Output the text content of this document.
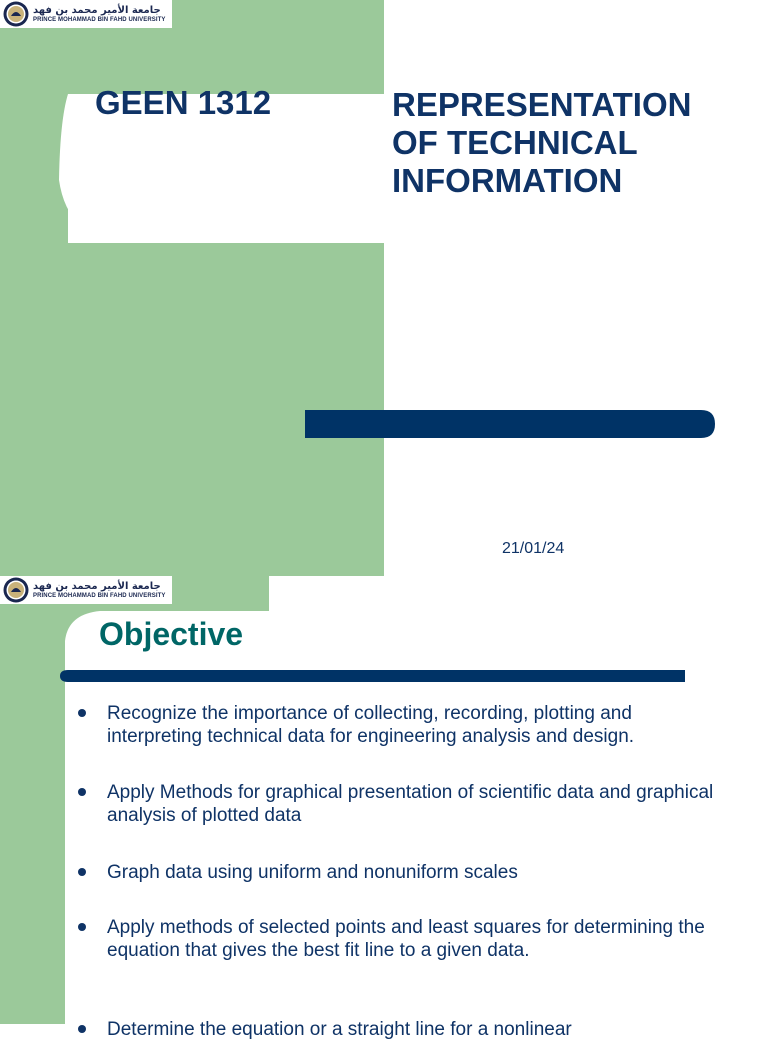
جامعة الأمير محمد بن فهد
PRINCE MOHAMMAD BIN FAHD UNIVERSITY
GEEN 1312	REPRESENTATION
OF TECHNICAL
INFORMATION
21/01/24
جامعة الأمير محمد بن فهد
PRINCE MOHAMMAD BIN FAHD UNIVERSITY
Objective
Recognize the importance of collecting, recording, plotting and interpreting technical data for engineering analysis and design.
Apply Methods for graphical presentation of scientific data and graphical analysis of plotted data
Graph data using uniform and nonuniform scales
Apply methods of selected points and least squares for determining the equation that gives the best fit line to a given data.
Determine the equation or a straight line for a nonlinear
